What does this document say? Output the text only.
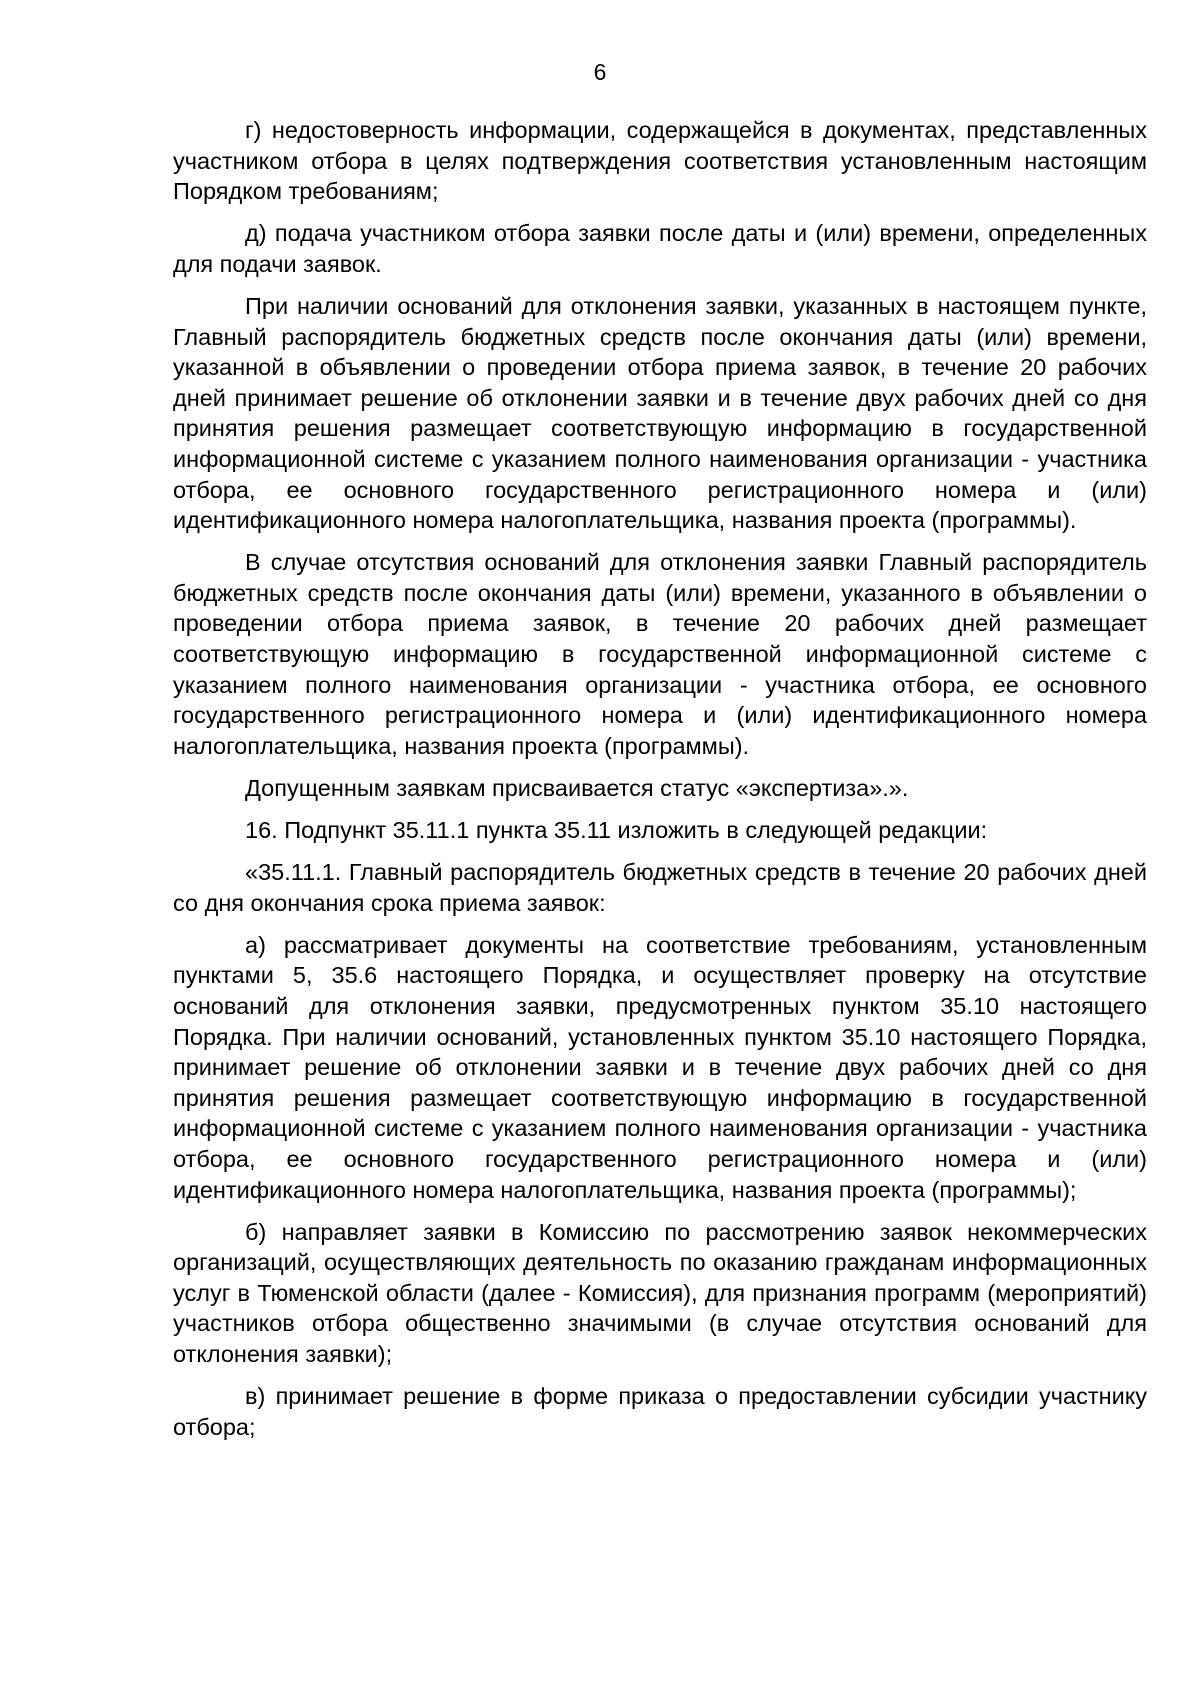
6

г) недостоверность информации, содержащейся в документах, представленных участником отбора в целях подтверждения соответствия установленным настоящим Порядком требованиям;

д) подача участником отбора заявки после даты и (или) времени, определенных для подачи заявок.

При наличии оснований для отклонения заявки, указанных в настоящем пункте, Главный распорядитель бюджетных средств после окончания даты (или) времени, указанной в объявлении о проведении отбора приема заявок, в течение 20 рабочих дней принимает решение об отклонении заявки и в течение двух рабочих дней со дня принятия решения размещает соответствующую информацию в государственной информационной системе с указанием полного наименования организации - участника отбора, ее основного государственного регистрационного номера и (или) идентификационного номера налогоплательщика, названия проекта (программы).

В случае отсутствия оснований для отклонения заявки Главный распорядитель бюджетных средств после окончания даты (или) времени, указанного в объявлении о проведении отбора приема заявок, в течение 20 рабочих дней размещает соответствующую информацию в государственной информационной системе с указанием полного наименования организации - участника отбора, ее основного государственного регистрационного номера и (или) идентификационного номера налогоплательщика, названия проекта (программы).

Допущенным заявкам присваивается статус «экспертиза».».

16. Подпункт 35.11.1 пункта 35.11 изложить в следующей редакции:

«35.11.1. Главный распорядитель бюджетных средств в течение 20 рабочих дней со дня окончания срока приема заявок:

а) рассматривает документы на соответствие требованиям, установленным пунктами 5, 35.6 настоящего Порядка, и осуществляет проверку на отсутствие оснований для отклонения заявки, предусмотренных пунктом 35.10 настоящего Порядка. При наличии оснований, установленных пунктом 35.10 настоящего Порядка, принимает решение об отклонении заявки и в течение двух рабочих дней со дня принятия решения размещает соответствующую информацию в государственной информационной системе с указанием полного наименования организации - участника отбора, ее основного государственного регистрационного номера и (или) идентификационного номера налогоплательщика, названия проекта (программы);

б) направляет заявки в Комиссию по рассмотрению заявок некоммерческих организаций, осуществляющих деятельность по оказанию гражданам информационных услуг в Тюменской области (далее - Комиссия), для признания программ (мероприятий) участников отбора общественно значимыми (в случае отсутствия оснований для отклонения заявки);

в) принимает решение в форме приказа о предоставлении субсидии участнику отбора;
